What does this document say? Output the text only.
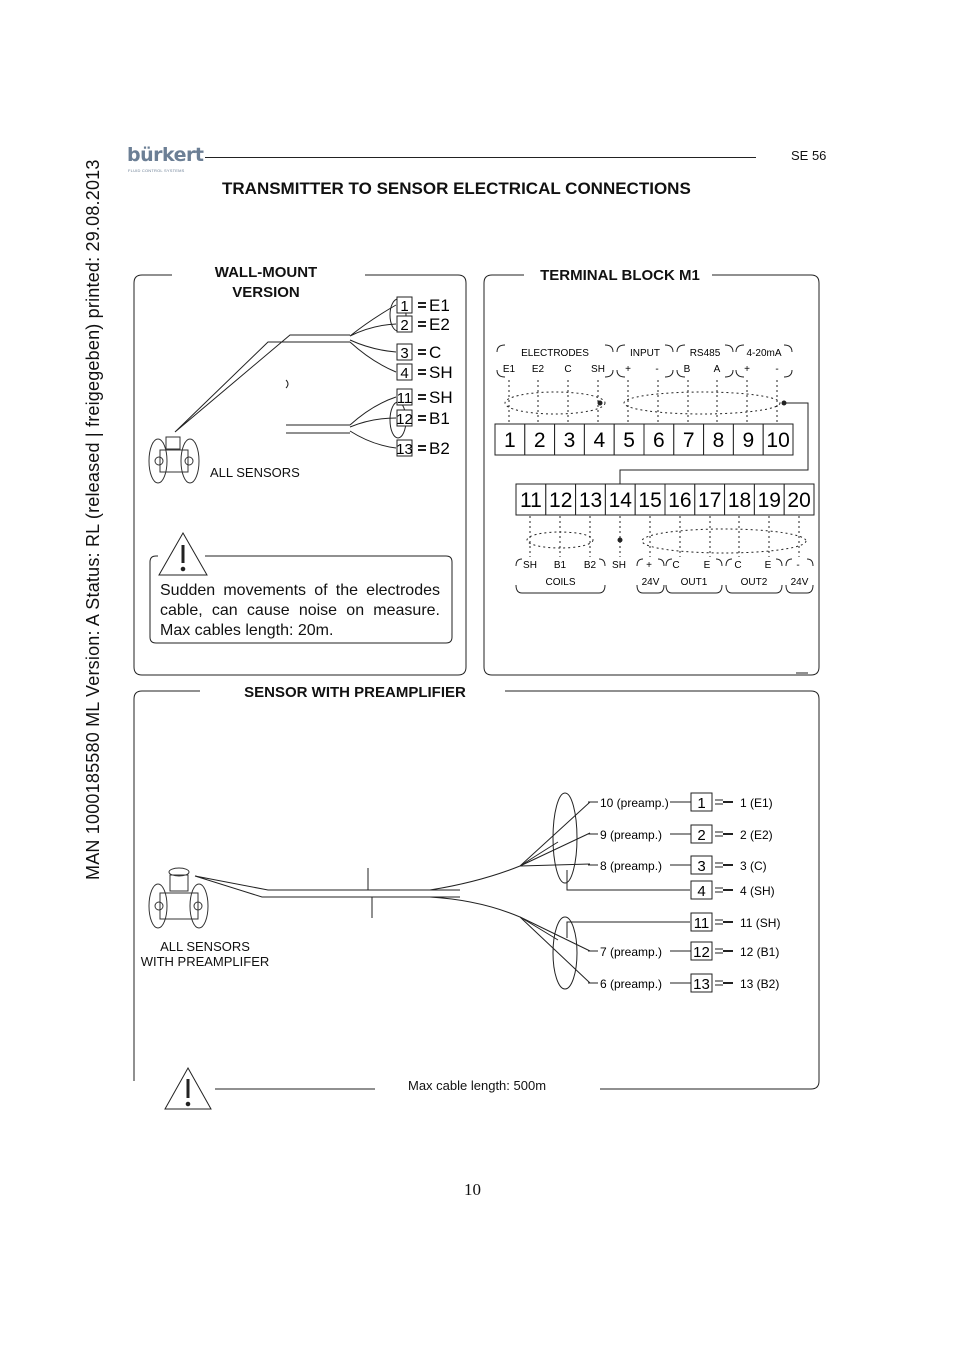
MAN 1000185580 ML Version: A Status: RL (released | freigegeben) printed: 29.08.2013
bürkert
FLUID CONTROL SYSTEMS
SE 56
TRANSMITTER TO SENSOR ELECTRICAL CONNECTIONS
1 E1
2 E2
3 C
4 SH
11 SH
12 B1
13 B2
ELECTRODES
E1 E2 C SH
INPUT
+ -
RS485
B A
4-20mA
+	-
1 2 3 4 5 6 7 8 9 10
11 12 13 14 15 16 17 18 19 20
COILS
SH B1 B2 SH
24V
+
OUT1
C E
OUT2
C E
24V
-
10 (preamp.) 1	1 (E1)
9 (preamp.) 2	2 (E2)
8 (preamp.) 3	3 (C)
4	4 (SH)
11	11 (SH)
7 (preamp.) 12	12 (B1)
6 (preamp.) 13	13 (B2)
WALL-MOUNT
VERSION
TERMINAL BLOCK M1
SENSOR WITH PREAMPLIFIER
ALL SENSORS
Sudden movements of the electrodes cable, can cause noise on measure. Max cables length: 20m.
ALL SENSORS
WITH PREAMPLIFER
Max cable length: 500m
10
